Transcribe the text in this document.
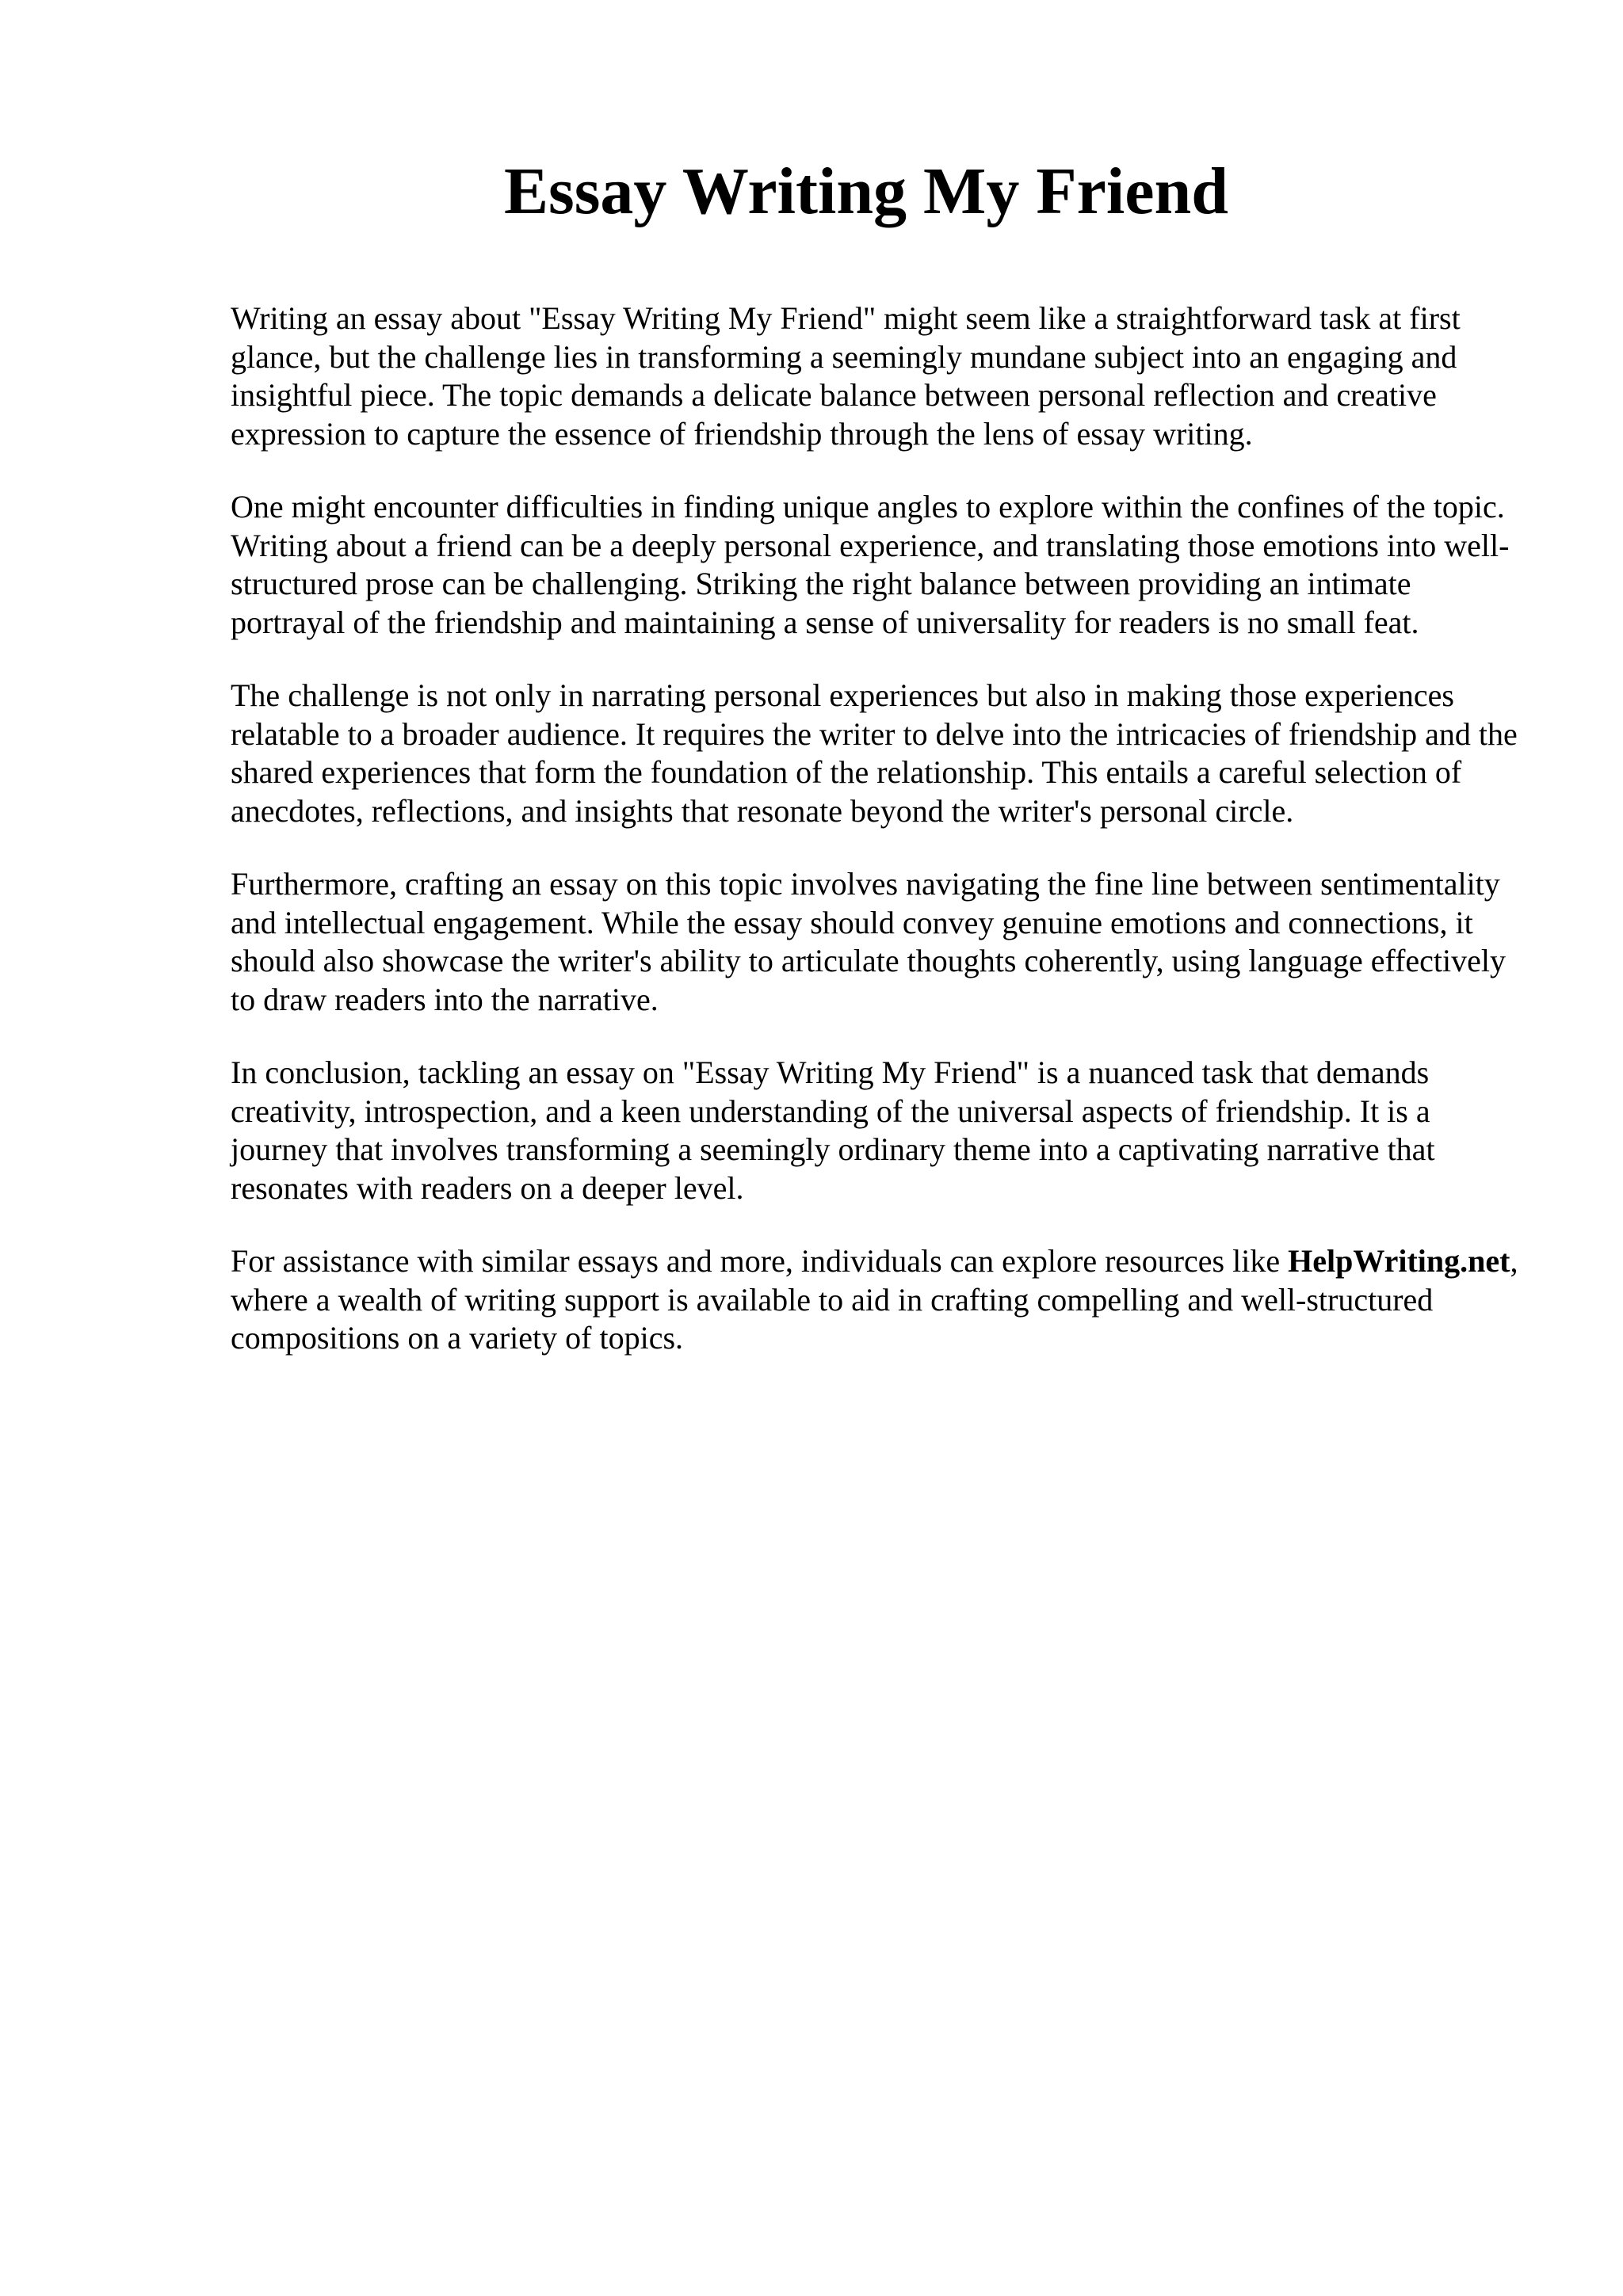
Essay Writing My Friend

Writing an essay about "Essay Writing My Friend" might seem like a straightforward task at first glance, but the challenge lies in transforming a seemingly mundane subject into an engaging and insightful piece. The topic demands a delicate balance between personal reflection and creative expression to capture the essence of friendship through the lens of essay writing.

One might encounter difficulties in finding unique angles to explore within the confines of the topic. Writing about a friend can be a deeply personal experience, and translating those emotions into well-structured prose can be challenging. Striking the right balance between providing an intimate portrayal of the friendship and maintaining a sense of universality for readers is no small feat.

The challenge is not only in narrating personal experiences but also in making those experiences relatable to a broader audience. It requires the writer to delve into the intricacies of friendship and the shared experiences that form the foundation of the relationship. This entails a careful selection of anecdotes, reflections, and insights that resonate beyond the writer's personal circle.

Furthermore, crafting an essay on this topic involves navigating the fine line between sentimentality and intellectual engagement. While the essay should convey genuine emotions and connections, it should also showcase the writer's ability to articulate thoughts coherently, using language effectively to draw readers into the narrative.

In conclusion, tackling an essay on "Essay Writing My Friend" is a nuanced task that demands creativity, introspection, and a keen understanding of the universal aspects of friendship. It is a journey that involves transforming a seemingly ordinary theme into a captivating narrative that resonates with readers on a deeper level.

For assistance with similar essays and more, individuals can explore resources like HelpWriting.net, where a wealth of writing support is available to aid in crafting compelling and well-structured compositions on a variety of topics.
